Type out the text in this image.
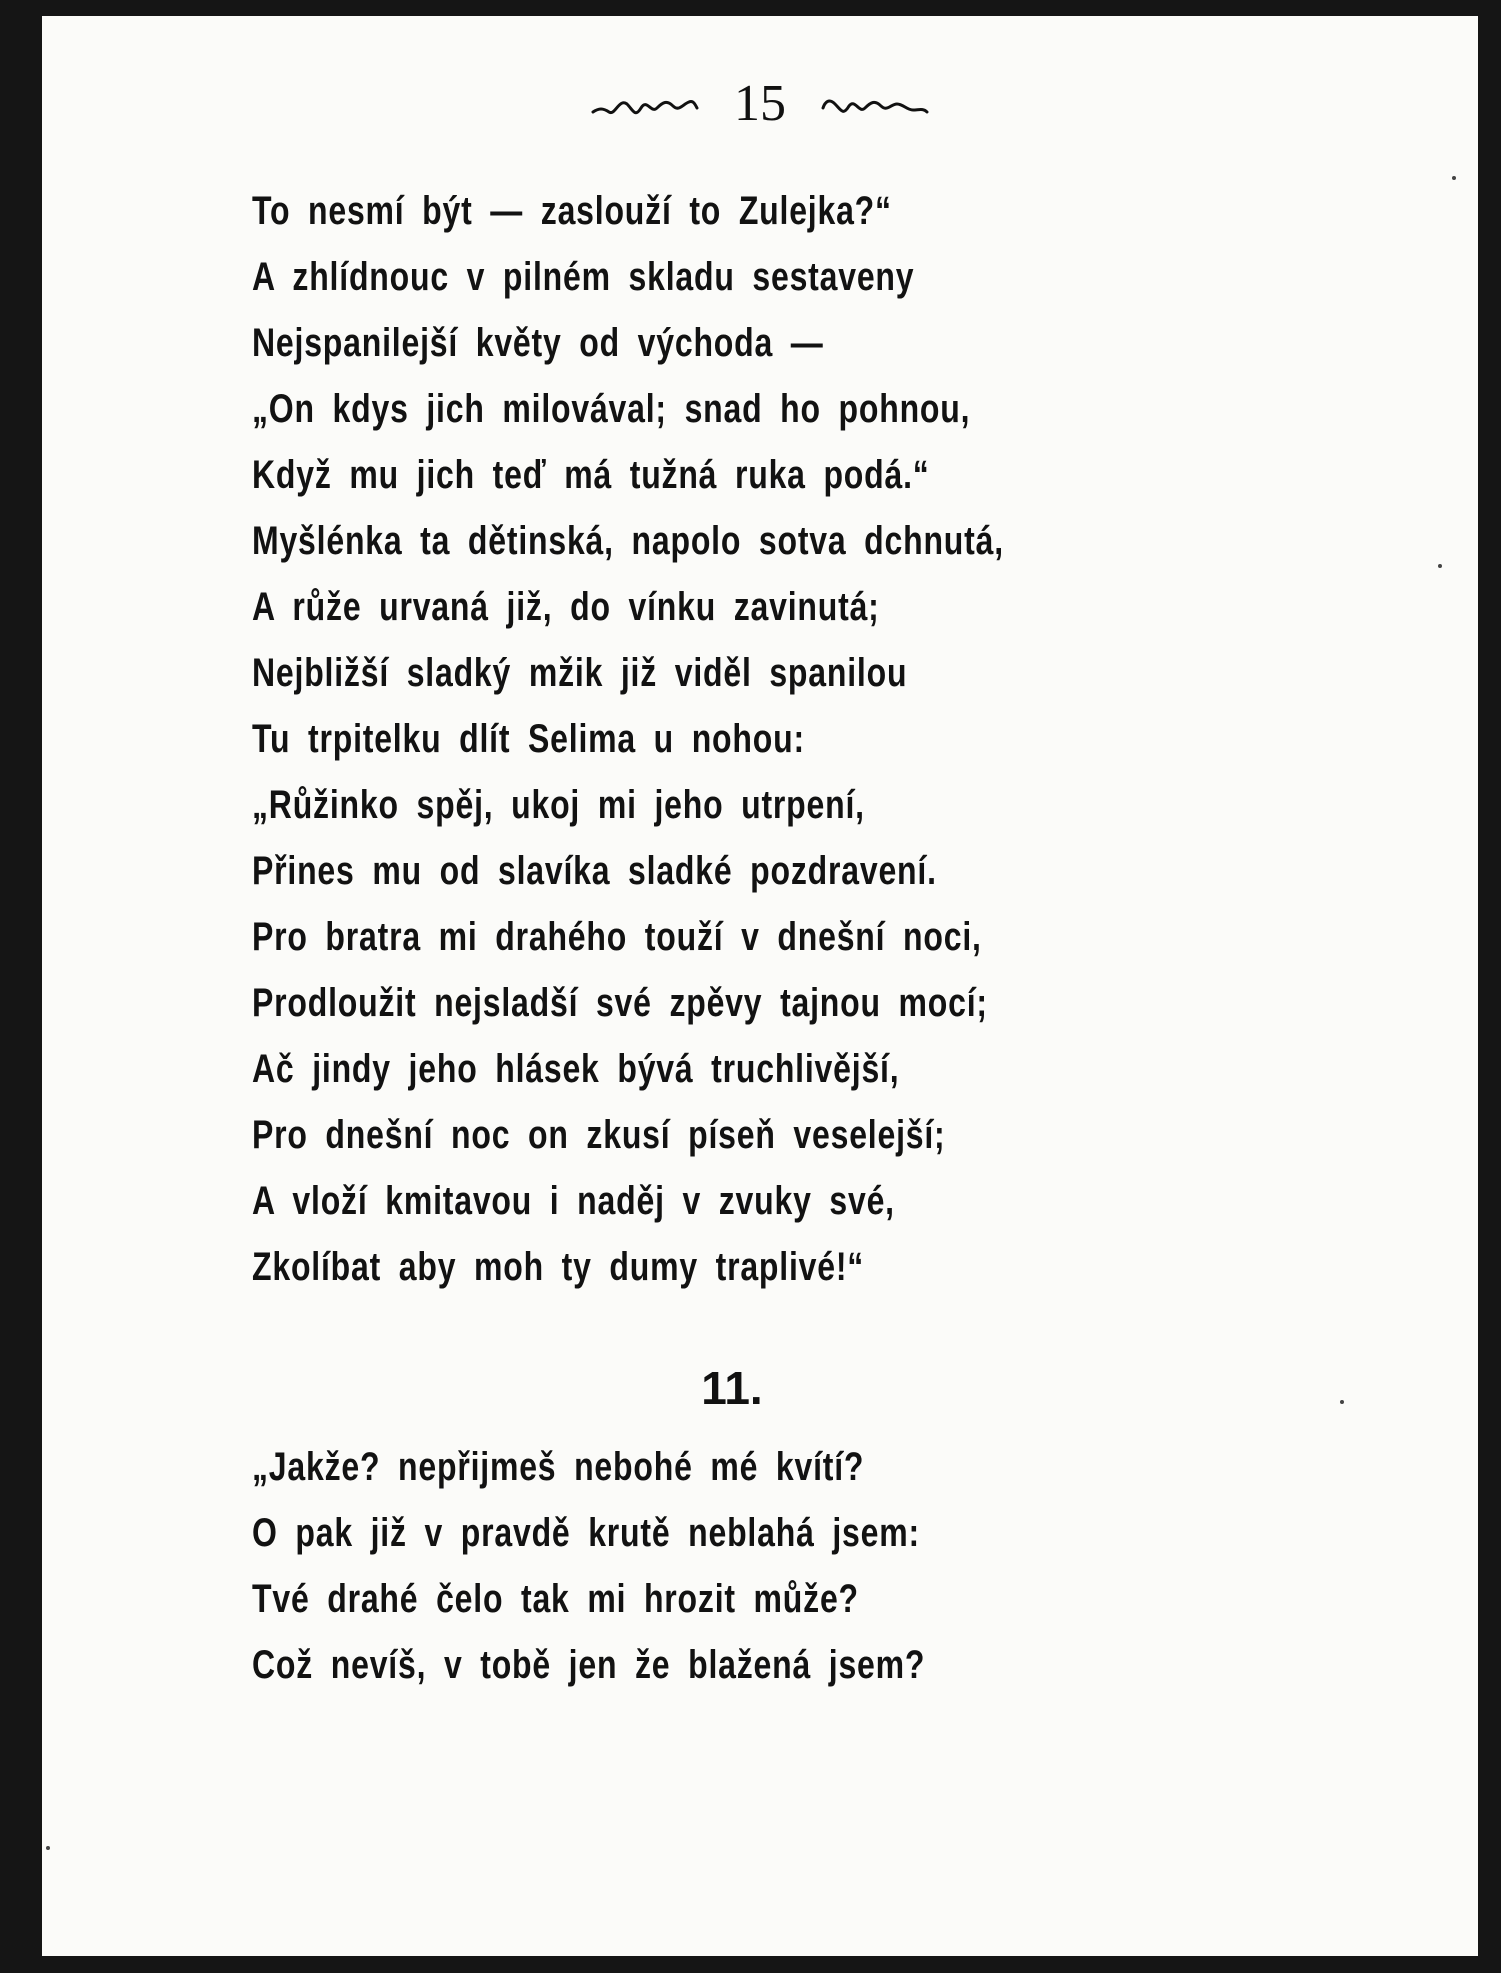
15
To nesmí být — zaslouží to Zulejka?“
A zhlídnouc v pilném skladu sestaveny
Nejspanilejší květy od východa —
„On kdys jich milovával; snad ho pohnou,
Když mu jich teď má tužná ruka podá.“
Myšlénka ta dětinská, napolo sotva dchnutá,
A růže urvaná již, do vínku zavinutá;
Nejbližší sladký mžik již viděl spanilou
Tu trpitelku dlít Selima u nohou:
„Růžinko spěj, ukoj mi jeho utrpení,
Přines mu od slavíka sladké pozdravení.
Pro bratra mi drahého touží v dnešní noci,
Prodloužit nejsladší své zpěvy tajnou mocí;
Ač jindy jeho hlásek bývá truchlivější,
Pro dnešní noc on zkusí píseň veselejší;
A vloží kmitavou i naděj v zvuky své,
Zkolíbat aby moh ty dumy traplivé!“
11.
„Jakže? nepřijmeš nebohé mé kvítí?
O pak již v pravdě krutě neblahá jsem:
Tvé drahé čelo tak mi hrozit může?
Což nevíš, v tobě jen že blažená jsem?
